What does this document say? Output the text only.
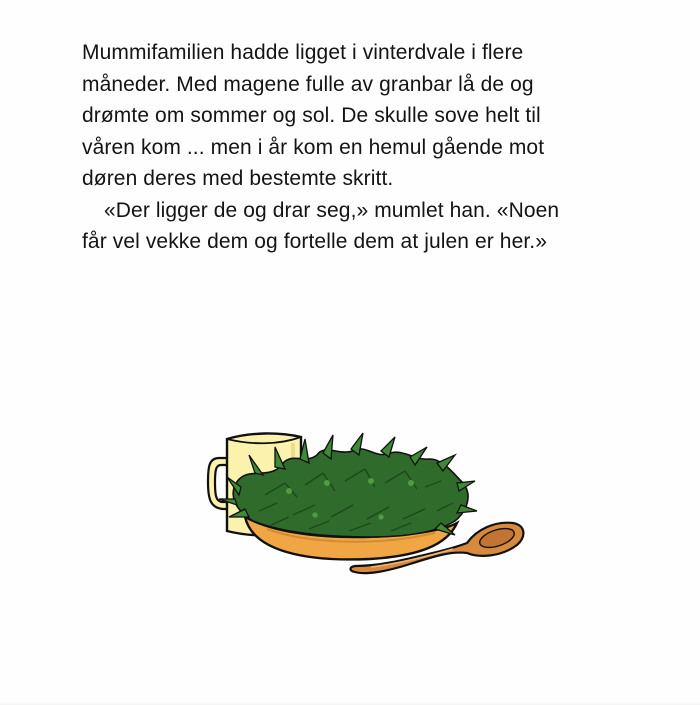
Mummifamilien hadde ligget i vinterdvale i flere
måneder. Med magene fulle av granbar lå de og
drømte om sommer og sol. De skulle sove helt til
våren kom ... men i år kom en hemul gående mot
døren deres med bestemte skritt.
«Der ligger de og drar seg,» mumlet han. «Noen
får vel vekke dem og fortelle dem at julen er her.»
